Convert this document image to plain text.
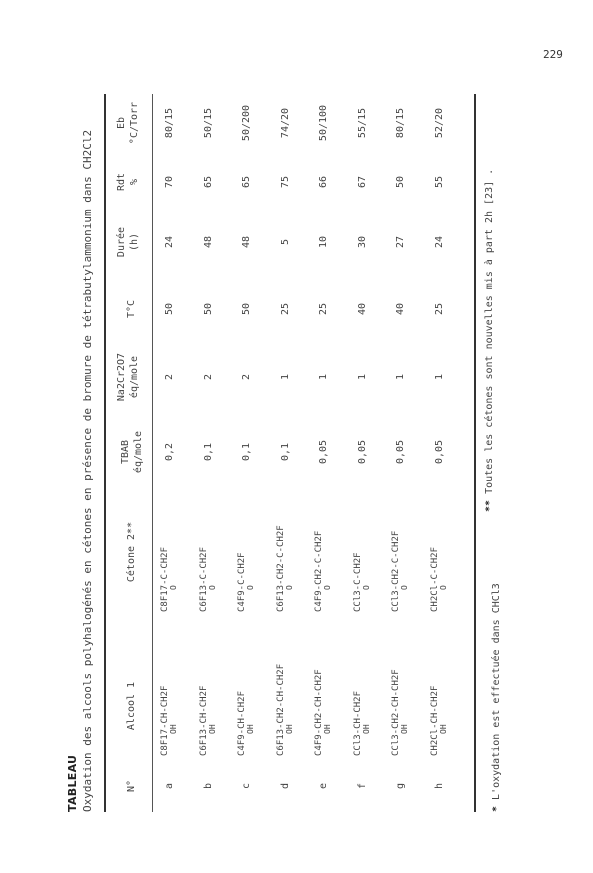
229
TABLEAU Oxydation des alcools polyhalogénés en cétones en présence de bromure de tétrabutylammonium dans CH2Cl2	N°
Alcool 1
Cétone 2**
TBAB éq/mole
Na2Cr2O7 éq/mole
T°C
Durée (h)
Rdt %
Eb °C/Torr
a
C8F17-CH-CH2F OH
C8F17-C-CH2F O
0,2
2
50
24
70
80/15
b
C6F13-CH-CH2F OH
C6F13-C-CH2F O
0,1
2
50
48
65
50/15
c
C4F9-CH-CH2F OH
C4F9-C-CH2F O
0,1
2
50
48
65
50/200
d
C6F13-CH2-CH-CH2F OH
C6F13-CH2-C-CH2F O
0,1
1
25
5
75
74/20
e
C4F9-CH2-CH-CH2F OH
C4F9-CH2-C-CH2F O
0,05
1
25
10
66
50/100
f
CCl3-CH-CH2F OH
CCl3-C-CH2F O
0,05
1
40
30
67
55/15
g
CCl3-CH2-CH-CH2F OH
CCl3-CH2-C-CH2F O
0,05
1
40
27
50
80/15
h
CH2Cl-CH-CH2F OH
CH2Cl-C-CH2F O
0,05
1
25
24
55
52/20
* L'oxydation est effectuée dans CHCl3
** Toutes les cétones sont nouvelles mis à part 2h [23] .
